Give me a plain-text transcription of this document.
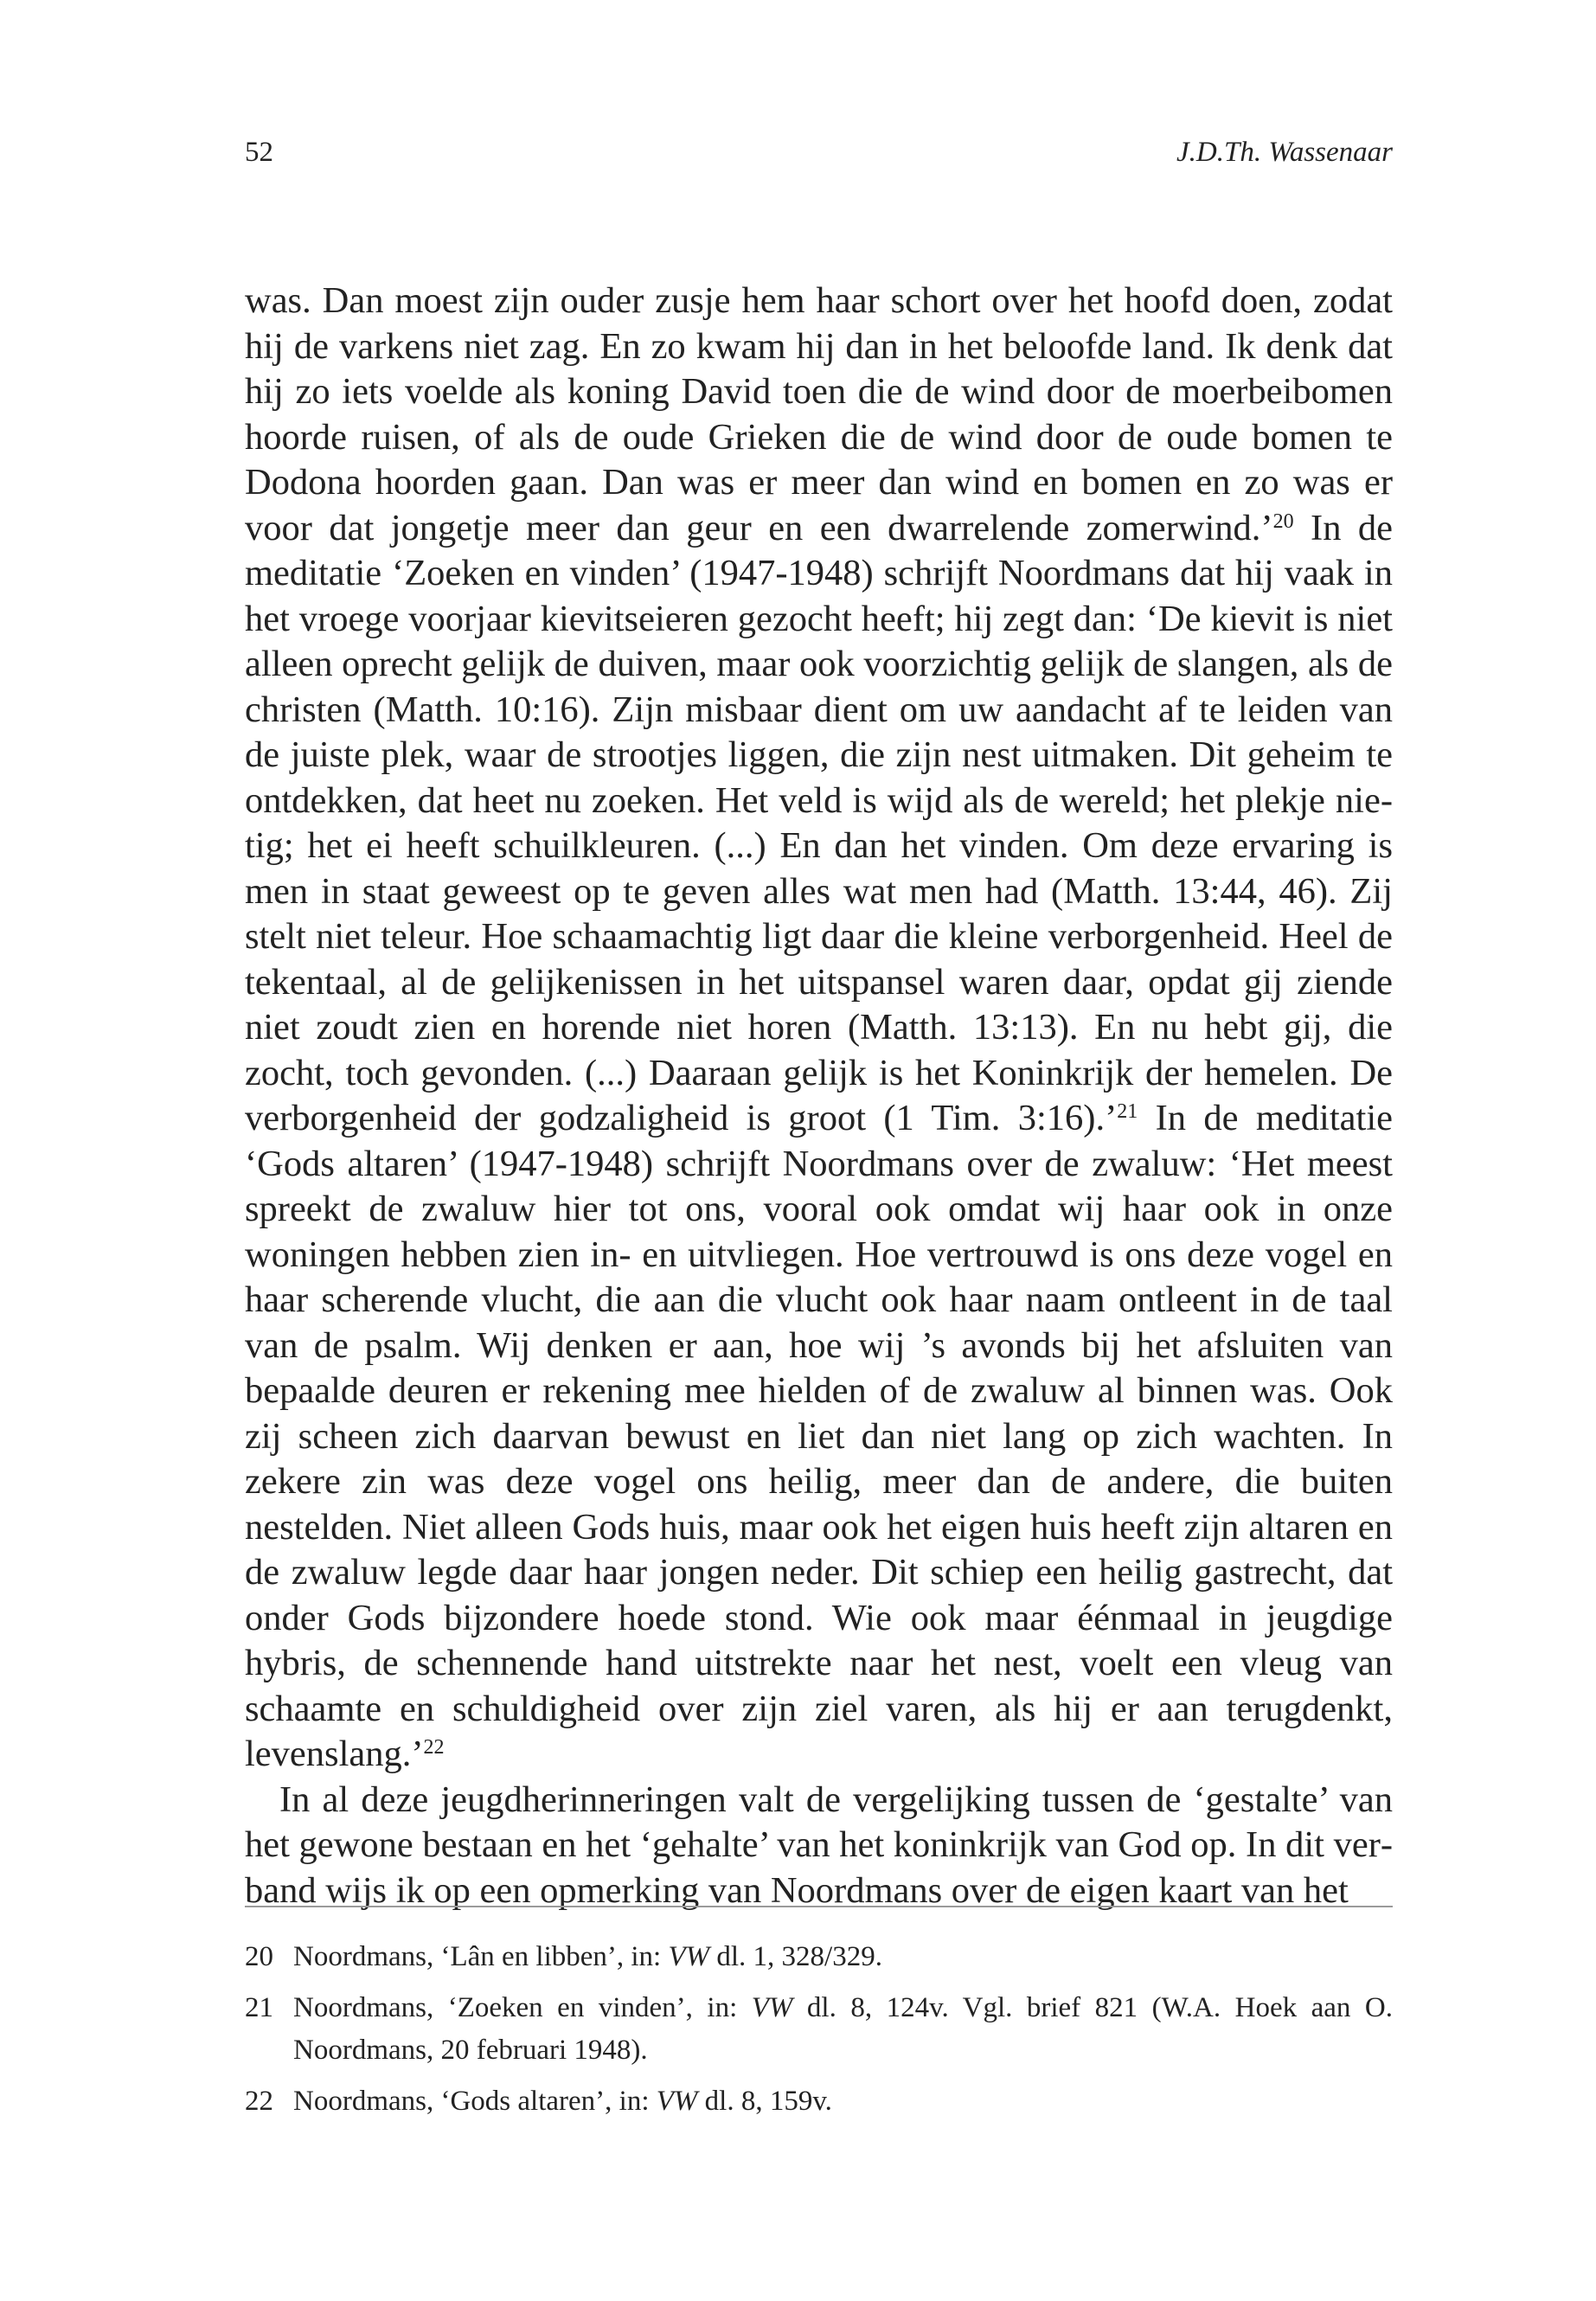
52	J.D.Th. Wassenaar

was. Dan moest zijn ouder zusje hem haar schort over het hoofd doen, zodat hij de varkens niet zag. En zo kwam hij dan in het beloofde land. Ik denk dat hij zo iets voelde als koning David toen die de wind door de moerbeibomen hoorde ruisen, of als de oude Grieken die de wind door de oude bomen te Dodona hoorden gaan. Dan was er meer dan wind en bomen en zo was er voor dat jongetje meer dan geur en een dwarrelende zomerwind.’$^{20}$ In de meditatie ‘Zoeken en vinden’ (1947-1948) schrijft Noordmans dat hij vaak in het vroege voorjaar kievitseieren gezocht heeft; hij zegt dan: ‘De kievit is niet alleen oprecht gelijk de duiven, maar ook voorzichtig gelijk de slangen, als de christen (Matth. 10:16). Zijn misbaar dient om uw aandacht af te leiden van de juiste plek, waar de strootjes liggen, die zijn nest uitmaken. Dit geheim te ontdekken, dat heet nu zoeken. Het veld is wijd als de wereld; het plekje nietig; het ei heeft schuilkleuren. (...) En dan het vinden. Om deze ervaring is men in staat geweest op te geven alles wat men had (Matth. 13:44, 46). Zij stelt niet teleur. Hoe schaamachtig ligt daar die kleine verborgenheid. Heel de tekentaal, al de gelijkenissen in het uitspansel waren daar, opdat gij ziende niet zoudt zien en horende niet horen (Matth. 13:13). En nu hebt gij, die zocht, toch gevonden. (...) Daaraan gelijk is het Koninkrijk der hemelen. De verborgenheid der godzaligheid is groot (1 Tim. 3:16).’$^{21}$ In de meditatie ‘Gods altaren’ (1947-1948) schrijft Noordmans over de zwaluw: ‘Het meest spreekt de zwaluw hier tot ons, vooral ook omdat wij haar ook in onze woningen hebben zien in- en uitvliegen. Hoe vertrouwd is ons deze vogel en haar scherende vlucht, die aan die vlucht ook haar naam ontleent in de taal van de psalm. Wij denken er aan, hoe wij ’s avonds bij het afsluiten van bepaalde deuren er rekening mee hielden of de zwaluw al binnen was. Ook zij scheen zich daarvan bewust en liet dan niet lang op zich wachten. In zekere zin was deze vogel ons heilig, meer dan de andere, die buiten nestelden. Niet alleen Gods huis, maar ook het eigen huis heeft zijn altaren en de zwaluw legde daar haar jongen neder. Dit schiep een heilig gastrecht, dat onder Gods bijzondere hoede stond. Wie ook maar éénmaal in jeugdige hybris, de schennende hand uitstrekte naar het nest, voelt een vleug van schaamte en schuldigheid over zijn ziel varen, als hij er aan terugdenkt, levenslang.’$^{22}$

In al deze jeugdherinneringen valt de vergelijking tussen de ‘gestalte’ van het gewone bestaan en het ‘gehalte’ van het koninkrijk van God op. In dit verband wijs ik op een opmerking van Noordmans over de eigen kaart van het

20 Noordmans, ‘Lân en libben’, in: VW dl. 1, 328/329.
21 Noordmans, ‘Zoeken en vinden’, in: VW dl. 8, 124v. Vgl. brief 821 (W.A. Hoek aan O. Noordmans, 20 februari 1948).
22 Noordmans, ‘Gods altaren’, in: VW dl. 8, 159v.
